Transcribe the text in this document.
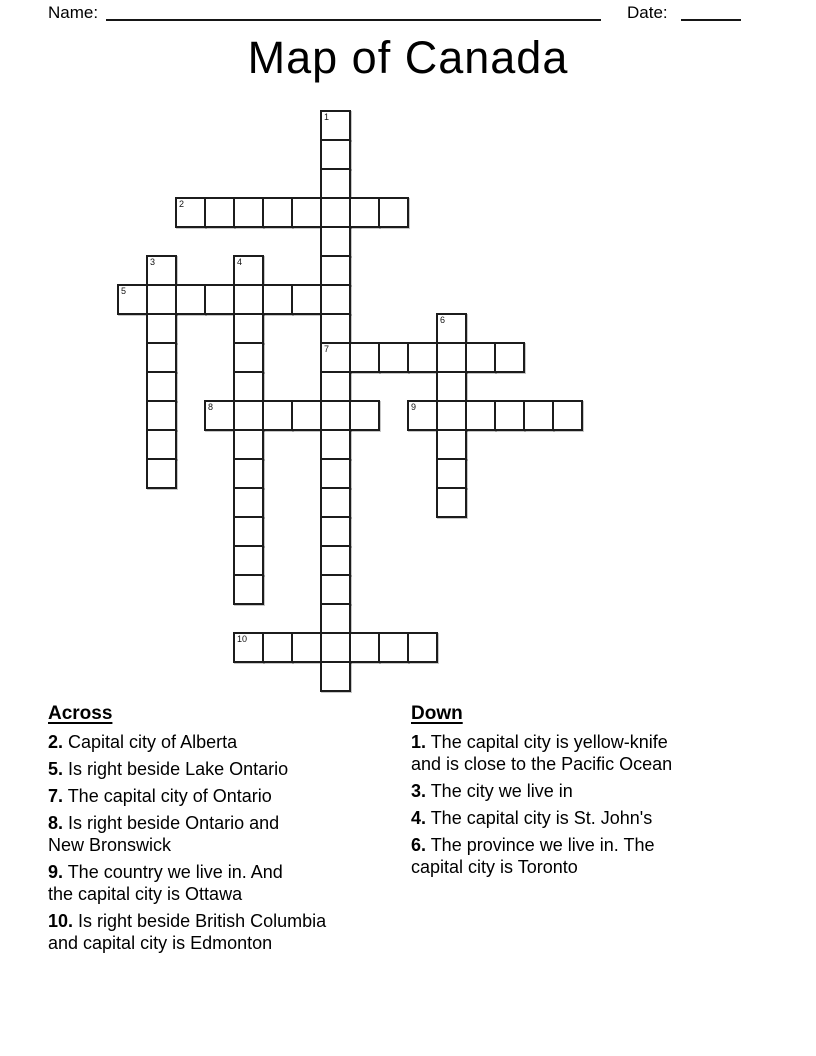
Name:	Date:
Map of Canada
1
2
3	4
5
6
7
8	9
10
Across

2. Capital city of Alberta

5. Is right beside Lake Ontario

7. The capital city of Ontario

8. Is right beside Ontario and
New Bronswick

9. The country we live in. And
the capital city is Ottawa

10. Is right beside British Columbia
and capital city is Edmonton

Down

1. The capital city is yellow-knife
and is close to the Pacific Ocean

3. The city we live in

4. The capital city is St. John's

6. The province we live in. The
capital city is Toronto
